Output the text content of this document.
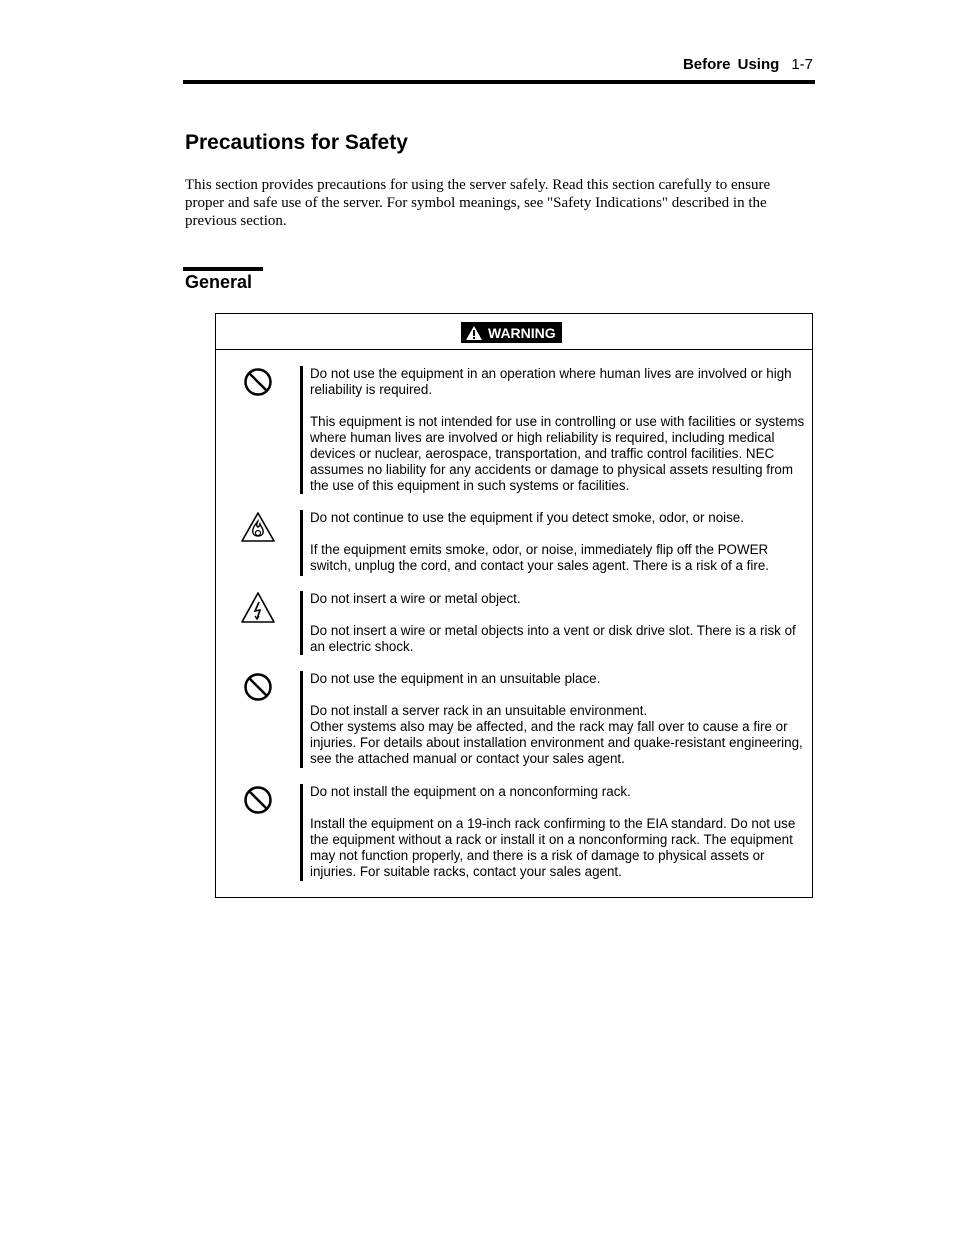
Before Using 1-7
Precautions for Safety

This section provides precautions for using the server safely. Read this section carefully to ensure proper and safe use of the server. For symbol meanings, see "Safety Indications" described in the previous section.

General
WARNING

Do not use the equipment in an operation where human lives are involved or high reliability is required.

This equipment is not intended for use in controlling or use with facilities or systems where human lives are involved or high reliability is required, including medical devices or nuclear, aerospace, transportation, and traffic control facilities. NEC assumes no liability for any accidents or damage to physical assets resulting from the use of this equipment in such systems or facilities.

Do not continue to use the equipment if you detect smoke, odor, or noise.

If the equipment emits smoke, odor, or noise, immediately flip off the POWER switch, unplug the cord, and contact your sales agent. There is a risk of a fire.

Do not insert a wire or metal object.

Do not insert a wire or metal objects into a vent or disk drive slot. There is a risk of an electric shock.

Do not use the equipment in an unsuitable place.

Do not install a server rack in an unsuitable environment.

Other systems also may be affected, and the rack may fall over to cause a fire or injuries. For details about installation environment and quake-resistant engineering, see the attached manual or contact your sales agent.

Do not install the equipment on a nonconforming rack.

Install the equipment on a 19-inch rack confirming to the EIA standard. Do not use the equipment without a rack or install it on a nonconforming rack. The equipment may not function properly, and there is a risk of damage to physical assets or injuries. For suitable racks, contact your sales agent.
